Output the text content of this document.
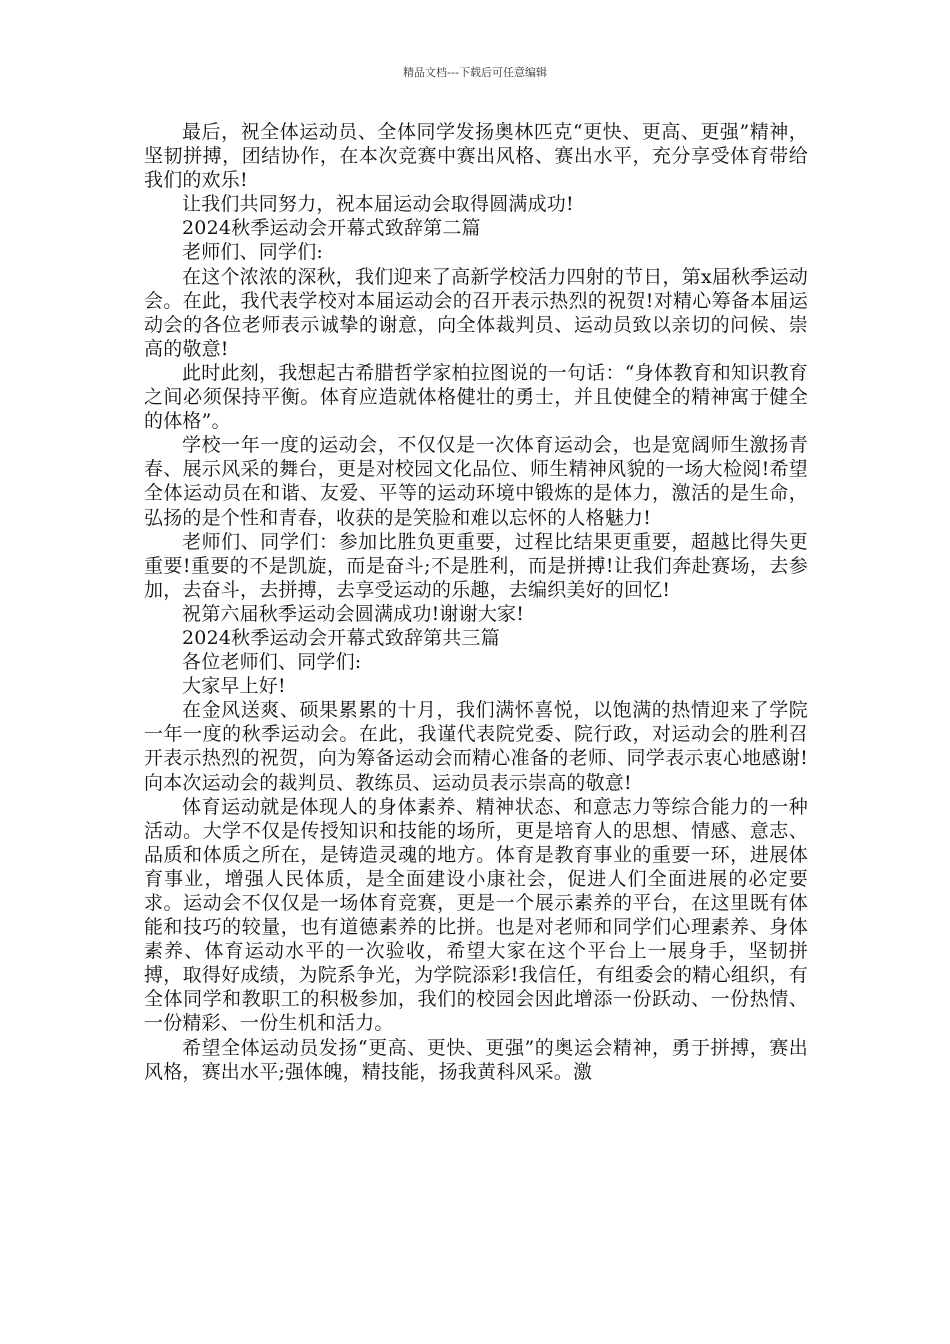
精品文档---下载后可任意编辑

最后，祝全体运动员、全体同学发扬奥林匹克“更快、更高、更强”精神，坚韧拼搏，团结协作，在本次竞赛中赛出风格、赛出水平，充分享受体育带给我们的欢乐!

让我们共同努力，祝本届运动会取得圆满成功!

2024秋季运动会开幕式致辞第二篇

老师们、同学们:

在这个浓浓的深秋，我们迎来了高新学校活力四射的节日，第x届秋季运动会。在此，我代表学校对本届运动会的召开表示热烈的祝贺!对精心筹备本届运动会的各位老师表示诚挚的谢意，向全体裁判员、运动员致以亲切的问候、崇高的敬意!

此时此刻，我想起古希腊哲学家柏拉图说的一句话：“身体教育和知识教育之间必须保持平衡。体育应造就体格健壮的勇士，并且使健全的精神寓于健全的体格”。

学校一年一度的运动会，不仅仅是一次体育运动会，也是宽阔师生激扬青春、展示风采的舞台，更是对校园文化品位、师生精神风貌的一场大检阅!希望全体运动员在和谐、友爱、平等的运动环境中锻炼的是体力，激活的是生命，弘扬的是个性和青春，收获的是笑脸和难以忘怀的人格魅力!

老师们、同学们：参加比胜负更重要，过程比结果更重要，超越比得失更重要!重要的不是凯旋，而是奋斗;不是胜利，而是拼搏!让我们奔赴赛场，去参加，去奋斗，去拼搏，去享受运动的乐趣，去编织美好的回忆!

祝第六届秋季运动会圆满成功!谢谢大家!

2024秋季运动会开幕式致辞第共三篇

各位老师们、同学们:

大家早上好!

在金风送爽、硕果累累的十月，我们满怀喜悦，以饱满的热情迎来了学院一年一度的秋季运动会。在此，我谨代表院党委、院行政，对运动会的胜利召开表示热烈的祝贺，向为筹备运动会而精心准备的老师、同学表示衷心地感谢!向本次运动会的裁判员、教练员、运动员表示崇高的敬意!

体育运动就是体现人的身体素养、精神状态、和意志力等综合能力的一种活动。大学不仅是传授知识和技能的场所，更是培育人的思想、情感、意志、品质和体质之所在，是铸造灵魂的地方。体育是教育事业的重要一环，进展体育事业，增强人民体质，是全面建设小康社会，促进人们全面进展的必定要求。运动会不仅仅是一场体育竞赛，更是一个展示素养的平台，在这里既有体能和技巧的较量，也有道德素养的比拼。也是对老师和同学们心理素养、身体素养、体育运动水平的一次验收，希望大家在这个平台上一展身手，坚韧拼搏，取得好成绩，为院系争光，为学院添彩!我信任，有组委会的精心组织，有全体同学和教职工的积极参加，我们的校园会因此增添一份跃动、一份热情、一份精彩、一份生机和活力。

希望全体运动员发扬“更高、更快、更强”的奥运会精神，勇于拼搏，赛出风格，赛出水平;强体魄，精技能，扬我黄科风采。激
